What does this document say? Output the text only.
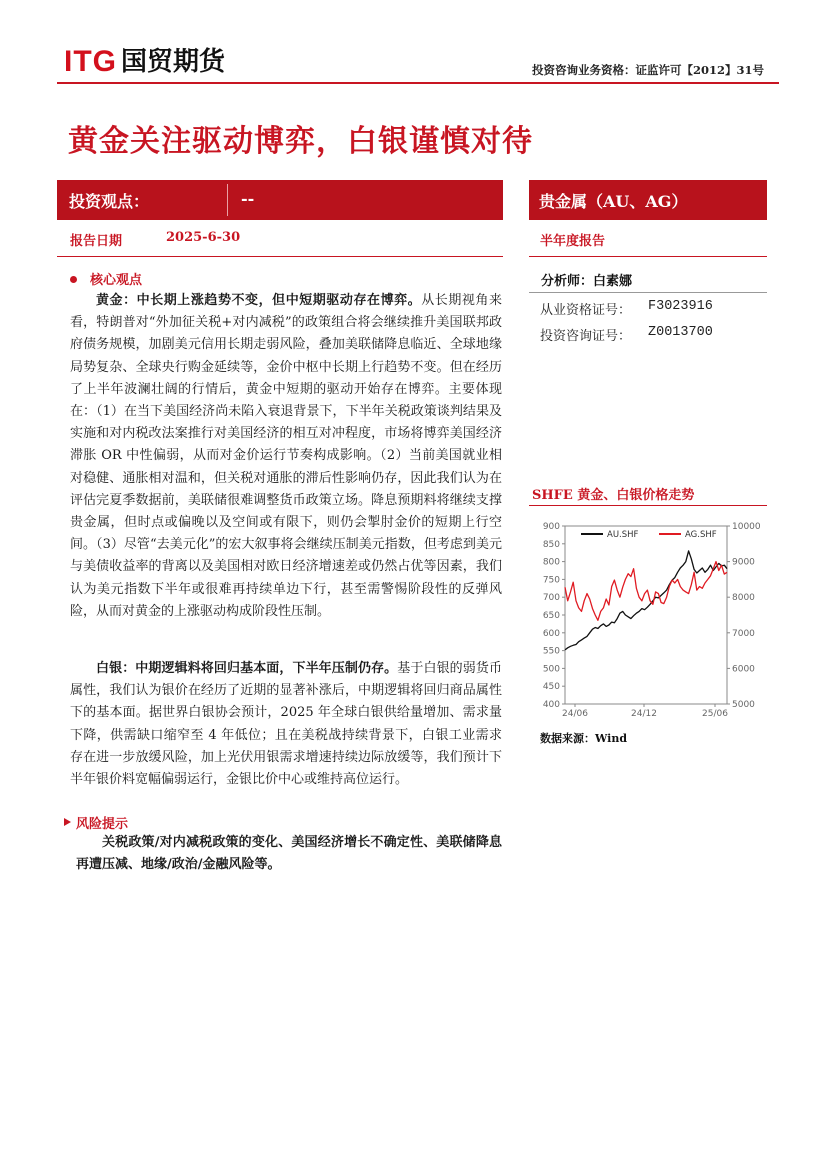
ITG 国贸期货	投资咨询业务资格：证监许可【2012】31号
黄金关注驱动博弈，白银谨慎对待
投资观点：	--	贵金属（AU、AG）
报告日期	2025-6-30	半年度报告
核心观点
黄金：中长期上涨趋势不变，但中短期驱动存在博弈。从长期视角来看，特朗普对“外加征关税+对内减税”的政策组合将会继续推升美国联邦政府债务规模，加剧美元信用长期走弱风险，叠加美联储降息临近、全球地缘局势复杂、全球央行购金延续等，金价中枢中长期上行趋势不变。但在经历了上半年波澜壮阔的行情后，黄金中短期的驱动开始存在博弈。主要体现在：（1）在当下美国经济尚未陷入衰退背景下，下半年关税政策谈判结果及实施和对内税改法案推行对美国经济的相互对冲程度，市场将博弈美国经济滞胀 OR 中性偏弱，从而对金价运行节奏构成影响。（2）当前美国就业相对稳健、通胀相对温和，但关税对通胀的滞后性影响仍存，因此我们认为在评估完夏季数据前，美联储很难调整货币政策立场。降息预期料将继续支撑贵金属，但时点或偏晚以及空间或有限下，则仍会掣肘金价的短期上行空间。（3）尽管“去美元化”的宏大叙事将会继续压制美元指数，但考虑到美元与美债收益率的背离以及美国相对欧日经济增速差或仍然占优等因素，我们认为美元指数下半年或很难再持续单边下行，甚至需警惕阶段性的反弹风险，从而对黄金的上涨驱动构成阶段性压制。
白银：中期逻辑料将回归基本面，下半年压制仍存。基于白银的弱货币属性，我们认为银价在经历了近期的显著补涨后，中期逻辑将回归商品属性下的基本面。据世界白银协会预计，2025 年全球白银供给量增加、需求量下降，供需缺口缩窄至 4 年低位；且在美税战持续背景下，白银工业需求存在进一步放缓风险，加上光伏用银需求增速持续边际放缓等，我们预计下半年银价料宽幅偏弱运行，金银比价中心或维持高位运行。
风险提示
关税政策/对内减税政策的变化、美国经济增长不确定性、美联储降息再遭压减、地缘/政治/金融风险等。
分析师：白素娜
从业资格证号： F3023916
投资咨询证号： Z0013700
SHFE 黄金、白银价格走势
400
450
500
550
600
650
700
750
800
850
900
5000
6000
7000
8000
9000
10000
24/06	24/12	25/06
AU.SHF	AG.SHF
数据来源：Wind
